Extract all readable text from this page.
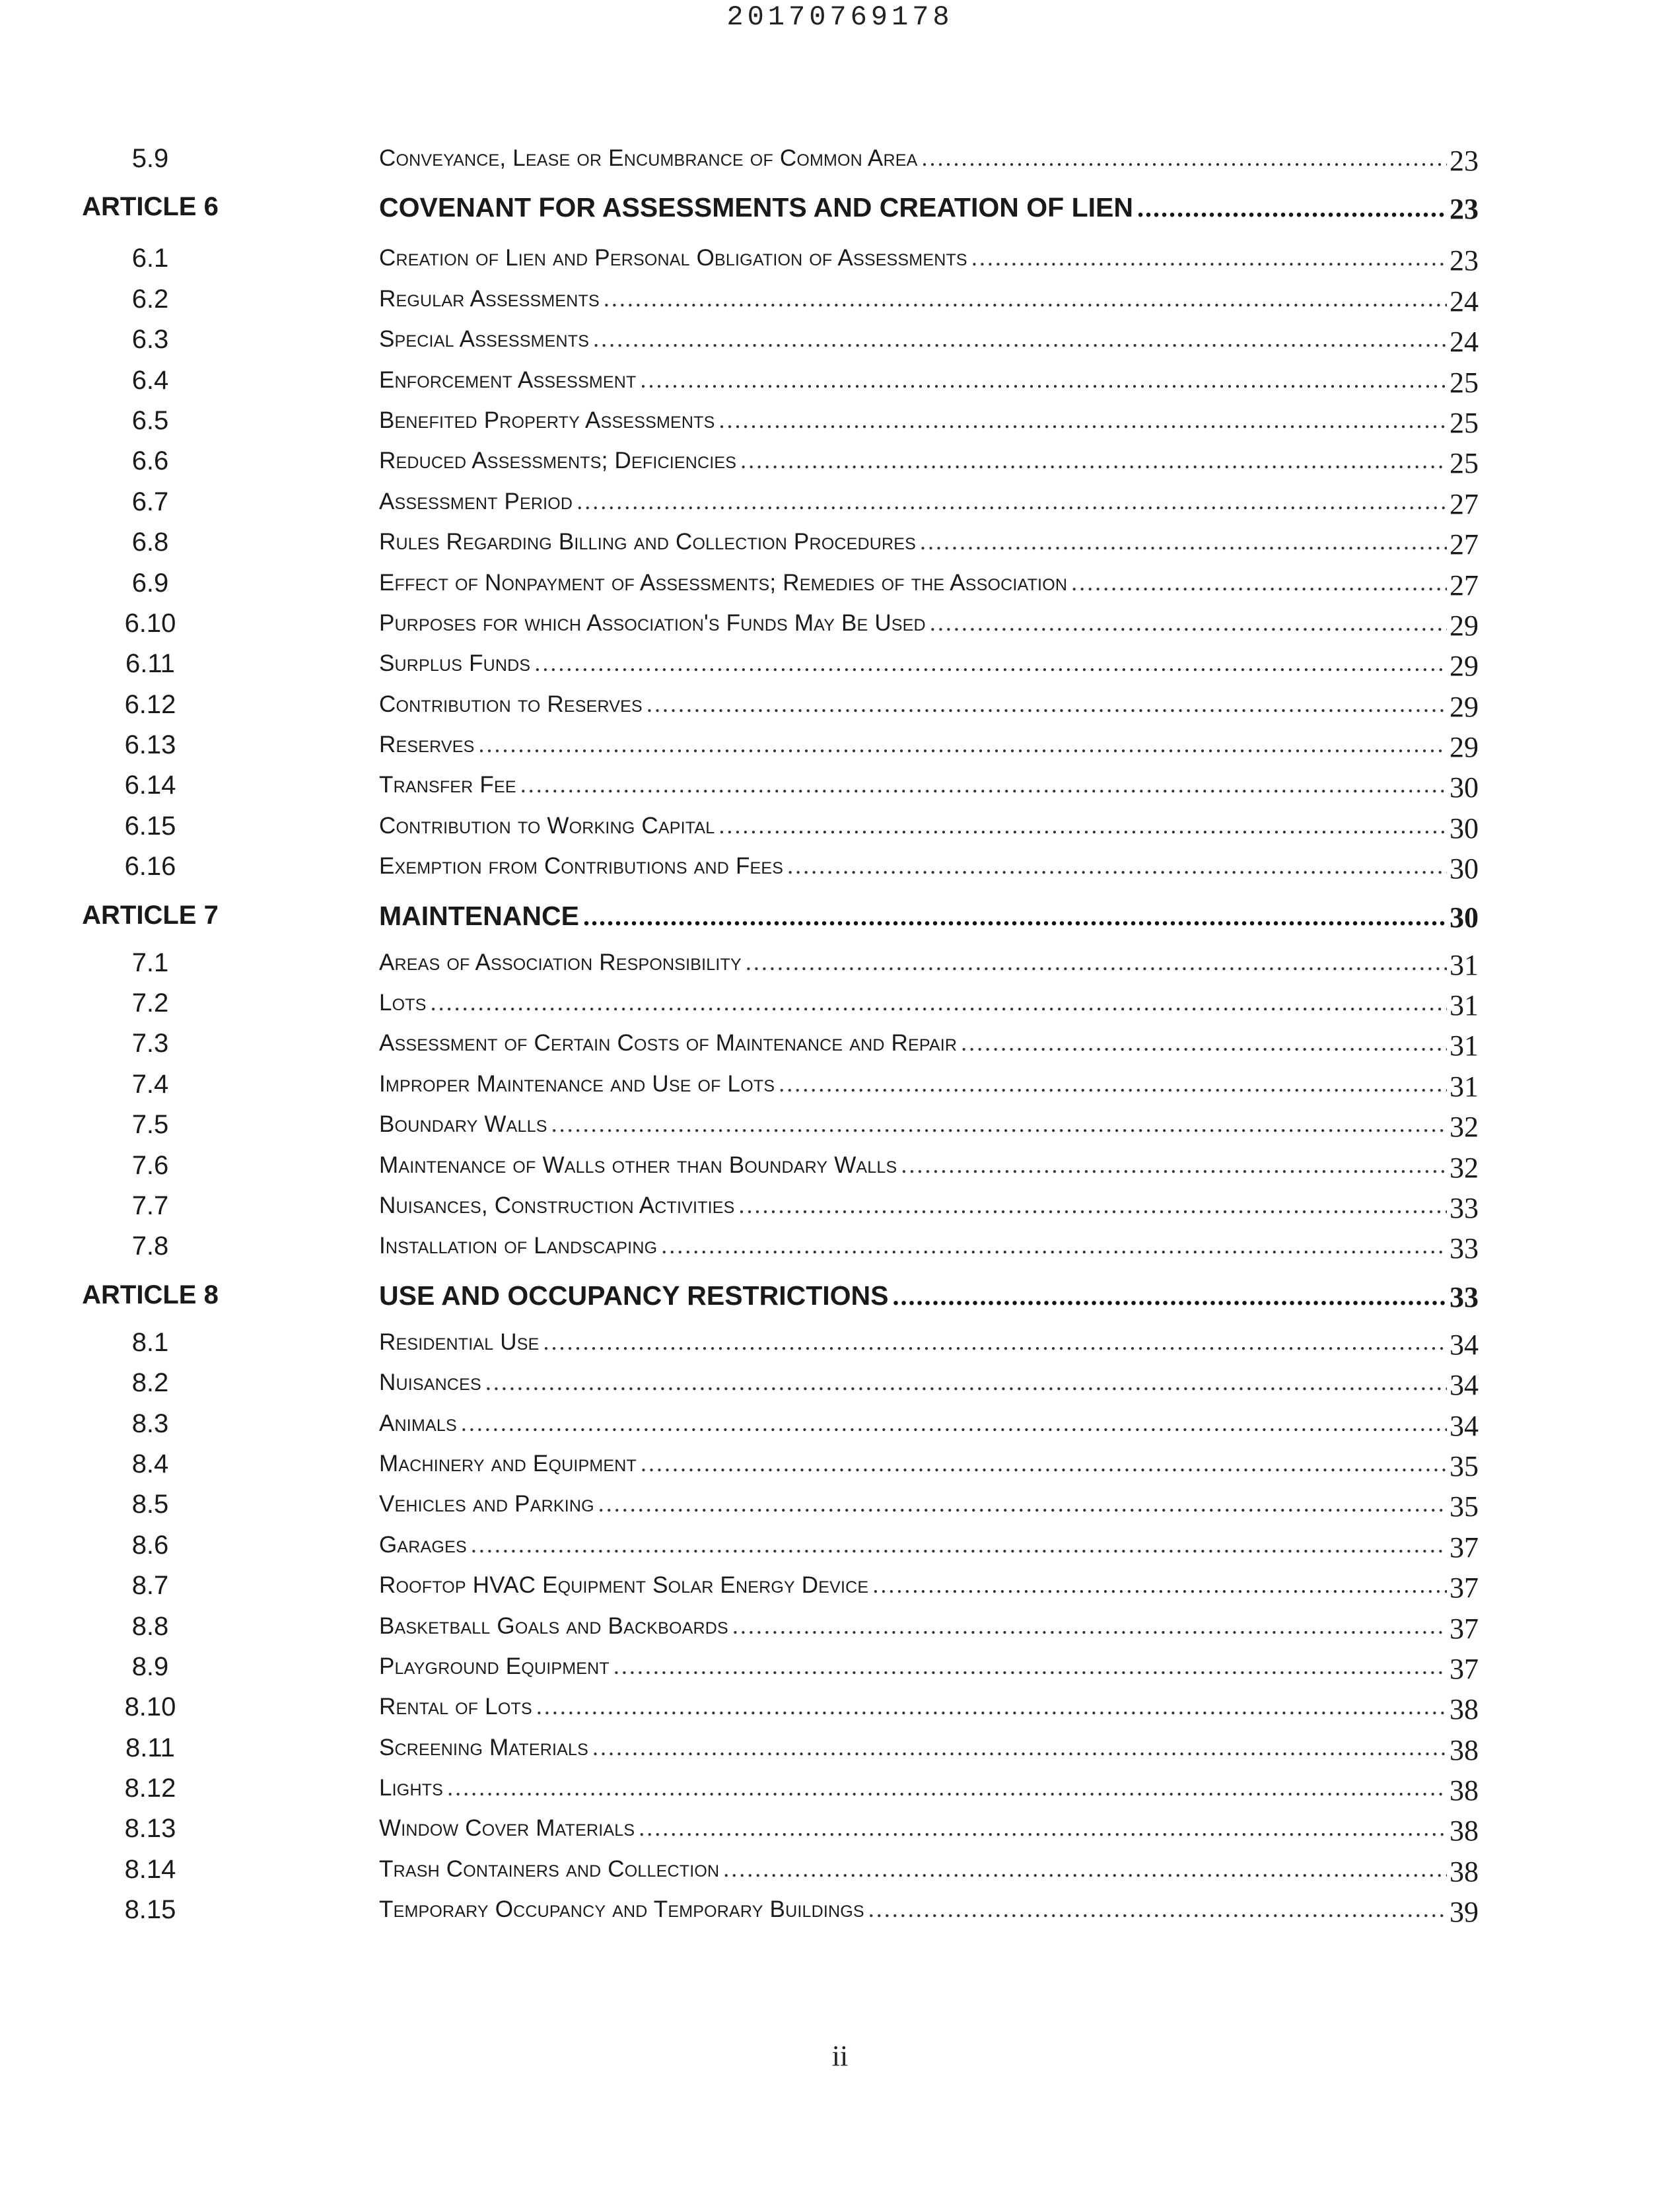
20170769178
5.9	Conveyance, Lease or Encumbrance of Common Area .....	23
ARTICLE 6	COVENANT FOR ASSESSMENTS AND CREATION OF LIEN .....	23
6.1	Creation of Lien and Personal Obligation of Assessments .....	23
6.2	Regular Assessments .....	24
6.3	Special Assessments .....	24
6.4	Enforcement Assessment .....	25
6.5	Benefited Property Assessments .....	25
6.6	Reduced Assessments; Deficiencies .....	25
6.7	Assessment Period .....	27
6.8	Rules Regarding Billing and Collection Procedures .....	27
6.9	Effect of Nonpayment of Assessments; Remedies of the Association .....	27
6.10	Purposes for which Association's Funds May Be Used .....	29
6.11	Surplus Funds .....	29
6.12	Contribution to Reserves .....	29
6.13	Reserves .....	29
6.14	Transfer Fee .....	30
6.15	Contribution to Working Capital .....	30
6.16	Exemption from Contributions and Fees .....	30
ARTICLE 7	MAINTENANCE .....	30
7.1	Areas of Association Responsibility .....	31
7.2	Lots .....	31
7.3	Assessment of Certain Costs of Maintenance and Repair .....	31
7.4	Improper Maintenance and Use of Lots .....	31
7.5	Boundary Walls .....	32
7.6	Maintenance of Walls other than Boundary Walls .....	32
7.7	Nuisances, Construction Activities .....	33
7.8	Installation of Landscaping .....	33
ARTICLE 8	USE AND OCCUPANCY RESTRICTIONS .....	33
8.1	Residential Use .....	34
8.2	Nuisances .....	34
8.3	Animals .....	34
8.4	Machinery and Equipment .....	35
8.5	Vehicles and Parking .....	35
8.6	Garages .....	37
8.7	Rooftop HVAC Equipment Solar Energy Device .....	37
8.8	Basketball Goals and Backboards .....	37
8.9	Playground Equipment .....	37
8.10	Rental of Lots .....	38
8.11	Screening Materials .....	38
8.12	Lights .....	38
8.13	Window Cover Materials .....	38
8.14	Trash Containers and Collection .....	38
8.15	Temporary Occupancy and Temporary Buildings .....	39
ii
